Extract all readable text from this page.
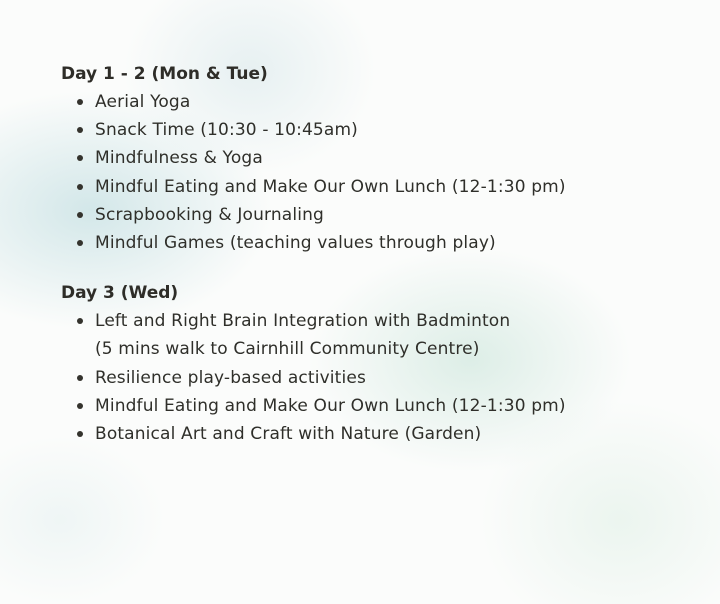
Day 1 - 2 (Mon & Tue)

Aerial Yoga
Snack Time (10:30 - 10:45am)
Mindfulness & Yoga
Mindful Eating and Make Our Own Lunch (12-1:30 pm)
Scrapbooking & Journaling
Mindful Games (teaching values through play)

Day 3 (Wed)

Left and Right Brain Integration with Badminton
(5 mins walk to Cairnhill Community Centre)
Resilience play-based activities
Mindful Eating and Make Our Own Lunch (12-1:30 pm)
Botanical Art and Craft with Nature (Garden)
